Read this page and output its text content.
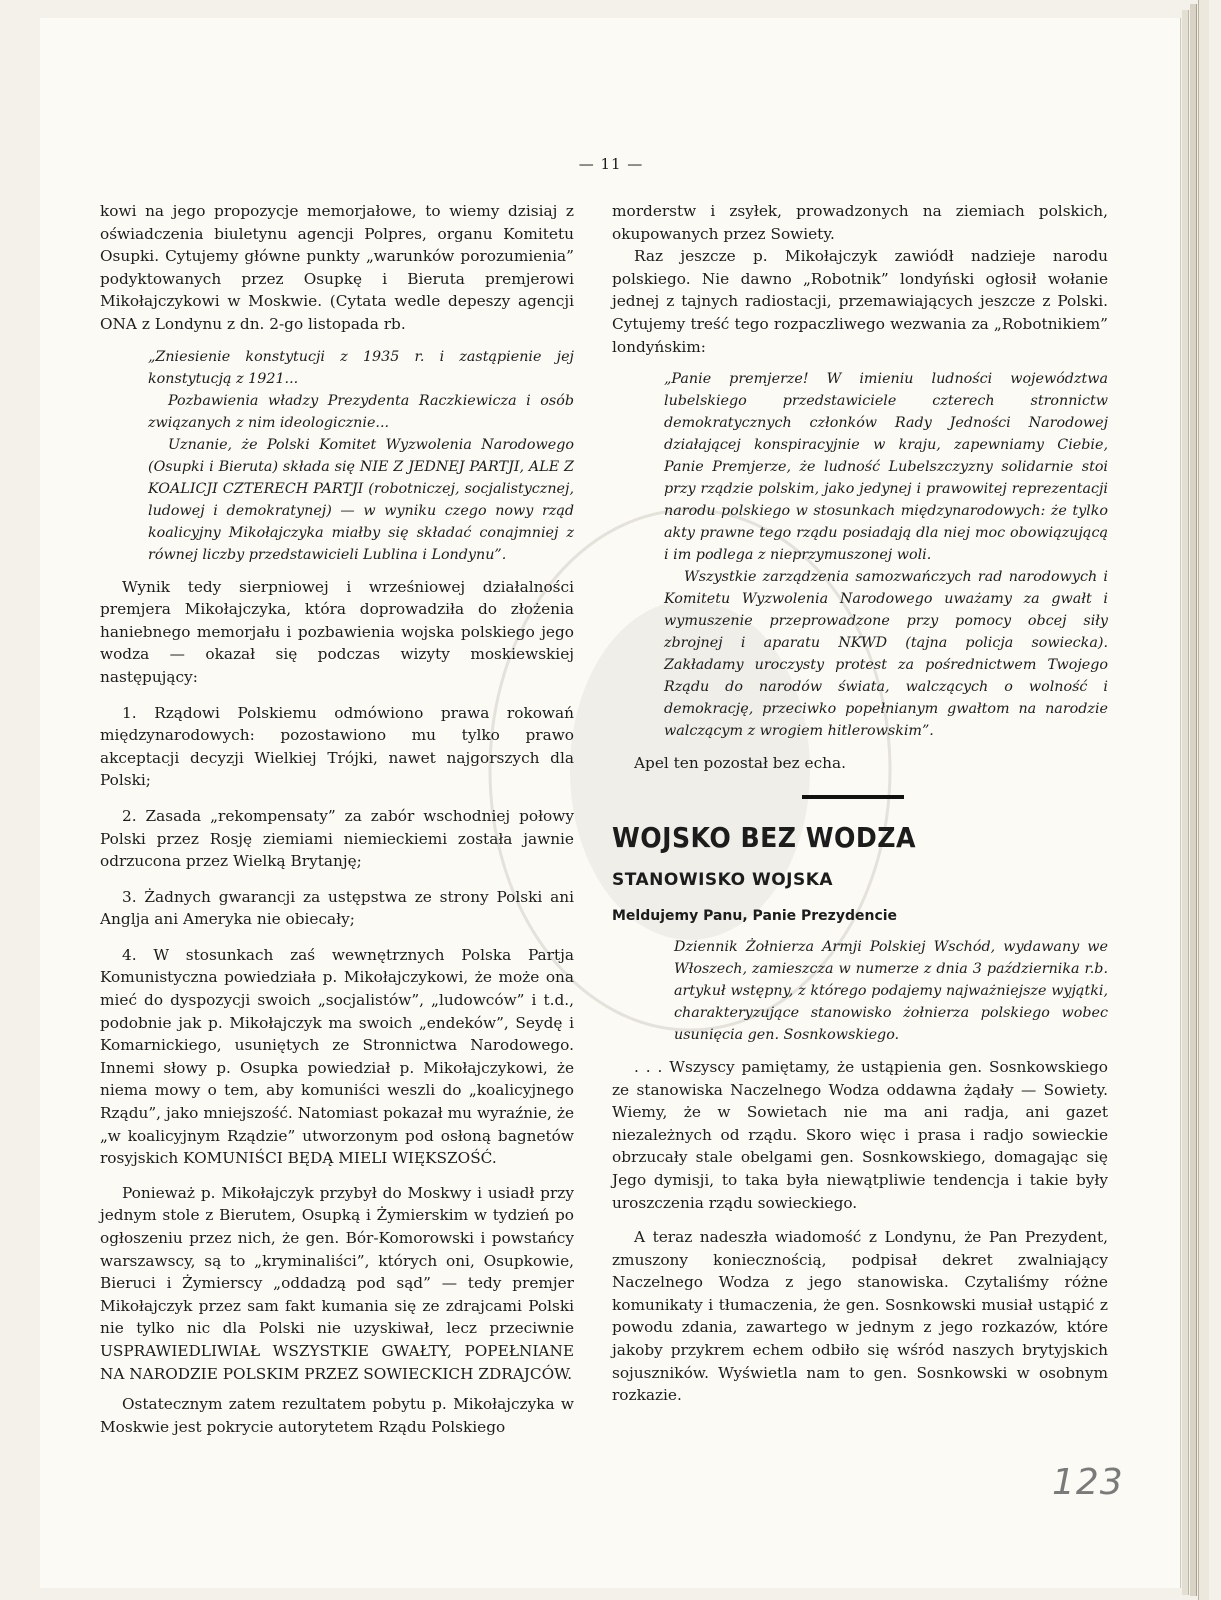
— 11 —

kowi na jego propozycje memorjałowe, to wiemy dzisiaj z oświadczenia biuletynu agencji Polpres, organu Komitetu Osupki. Cytujemy główne punkty „warunków porozumienia” podyktowanych przez Osupkę i Bieruta premjerowi Mikołajczykowi w Moskwie. (Cytata wedle depeszy agencji ONA z Londynu z dn. 2-go listopada rb.

„Zniesienie konstytucji z 1935 r. i zastąpienie jej konstytucją z 1921...

Pozbawienia władzy Prezydenta Raczkiewicza i osób związanych z nim ideologicznie...

Uznanie, że Polski Komitet Wyzwolenia Narodowego (Osupki i Bieruta) składa się NIE Z JEDNEJ PARTJI, ALE Z KOALICJI CZTERECH PARTJI (robotniczej, socjalistycznej, ludowej i demokratynej) — w wyniku czego nowy rząd koalicyjny Mikołajczyka miałby się składać conajmniej z równej liczby przedstawicieli Lublina i Londynu”.

Wynik tedy sierpniowej i wrześniowej działalności premjera Mikołajczyka, która doprowadziła do złożenia haniebnego memorjału i pozbawienia wojska polskiego jego wodza — okazał się podczas wizyty moskiewskiej następujący:

1. Rządowi Polskiemu odmówiono prawa rokowań międzynarodowych: pozostawiono mu tylko prawo akceptacji decyzji Wielkiej Trójki, nawet najgorszych dla Polski;

2. Zasada „rekompensaty” za zabór wschodniej połowy Polski przez Rosję ziemiami niemieckiemi została jawnie odrzucona przez Wielką Brytanję;

3. Żadnych gwarancji za ustępstwa ze strony Polski ani Anglja ani Ameryka nie obiecały;

4. W stosunkach zaś wewnętrznych Polska Partja Komunistyczna powiedziała p. Mikołajczykowi, że może ona mieć do dyspozycji swoich „socjalistów”, „ludowców” i t.d., podobnie jak p. Mikołajczyk ma swoich „endeków”, Seydę i Komarnickiego, usuniętych ze Stronnictwa Narodowego. Innemi słowy p. Osupka powiedział p. Mikołajczykowi, że niema mowy o tem, aby komuniści weszli do „koalicyjnego Rządu”, jako mniejszość. Natomiast pokazał mu wyraźnie, że „w koalicyjnym Rządzie” utworzonym pod osłoną bagnetów rosyjskich KOMUNIŚCI BĘDĄ MIELI WIĘKSZOŚĆ.

Ponieważ p. Mikołajczyk przybył do Moskwy i usiadł przy jednym stole z Bierutem, Osupką i Żymierskim w tydzień po ogłoszeniu przez nich, że gen. Bór-Komorowski i powstańcy warszawscy, są to „kryminaliści”, których oni, Osupkowie, Bieruci i Żymierscy „oddadzą pod sąd” — tedy premjer Mikołajczyk przez sam fakt kumania się ze zdrajcami Polski nie tylko nic dla Polski nie uzyskiwał, lecz przeciwnie USPRAWIEDLIWIAŁ WSZYSTKIE GWAŁTY, POPEŁNIANE NA NARODZIE POLSKIM PRZEZ SOWIECKICH ZDRAJCÓW.

Ostatecznym zatem rezultatem pobytu p. Mikołajczyka w Moskwie jest pokrycie autorytetem Rządu Polskiego

morderstw i zsyłek, prowadzonych na ziemiach polskich, okupowanych przez Sowiety.

Raz jeszcze p. Mikołajczyk zawiódł nadzieje narodu polskiego. Nie dawno „Robotnik” londyński ogłosił wołanie jednej z tajnych radiostacji, przemawiających jeszcze z Polski. Cytujemy treść tego rozpaczliwego wezwania za „Robotnikiem” londyńskim:

„Panie premjerze! W imieniu ludności województwa lubelskiego przedstawiciele czterech stronnictw demokratycznych członków Rady Jedności Narodowej działającej konspiracyjnie w kraju, zapewniamy Ciebie, Panie Premjerze, że ludność Lubelszczyzny solidarnie stoi przy rządzie polskim, jako jedynej i prawowitej reprezentacji narodu polskiego w stosunkach międzynarodowych: że tylko akty prawne tego rządu posiadają dla niej moc obowiązującą i im podlega z nieprzymuszonej woli.

Wszystkie zarządzenia samozwańczych rad narodowych i Komitetu Wyzwolenia Narodowego uważamy za gwałt i wymuszenie przeprowadzone przy pomocy obcej siły zbrojnej i aparatu NKWD (tajna policja sowiecka). Zakładamy uroczysty protest za pośrednictwem Twojego Rządu do narodów świata, walczących o wolność i demokrację, przeciwko popełnianym gwałtom na narodzie walczącym z wrogiem hitlerowskim”.

Apel ten pozostał bez echa.

WOJSKO BEZ WODZA
STANOWISKO WOJSKA
Meldujemy Panu, Panie Prezydencie

Dziennik Żołnierza Armji Polskiej Wschód, wydawany we Włoszech, zamieszcza w numerze z dnia 3 października r.b. artykuł wstępny, z którego podajemy najważniejsze wyjątki, charakteryzujące stanowisko żołnierza polskiego wobec usunięcia gen. Sosnkowskiego.

. . . Wszyscy pamiętamy, że ustąpienia gen. Sosnkowskiego ze stanowiska Naczelnego Wodza oddawna żądały — Sowiety. Wiemy, że w Sowietach nie ma ani radja, ani gazet niezależnych od rządu. Skoro więc i prasa i radjo sowieckie obrzucały stale obelgami gen. Sosnkowskiego, domagając się Jego dymisji, to taka była niewątpliwie tendencja i takie były uroszczenia rządu sowieckiego.

A teraz nadeszła wiadomość z Londynu, że Pan Prezydent, zmuszony koniecznością, podpisał dekret zwalniający Naczelnego Wodza z jego stanowiska. Czytaliśmy różne komunikaty i tłumaczenia, że gen. Sosnkowski musiał ustąpić z powodu zdania, zawartego w jednym z jego rozkazów, które jakoby przykrem echem odbiło się wśród naszych brytyjskich sojuszników. Wyświetla nam to gen. Sosnkowski w osobnym rozkazie.

123
